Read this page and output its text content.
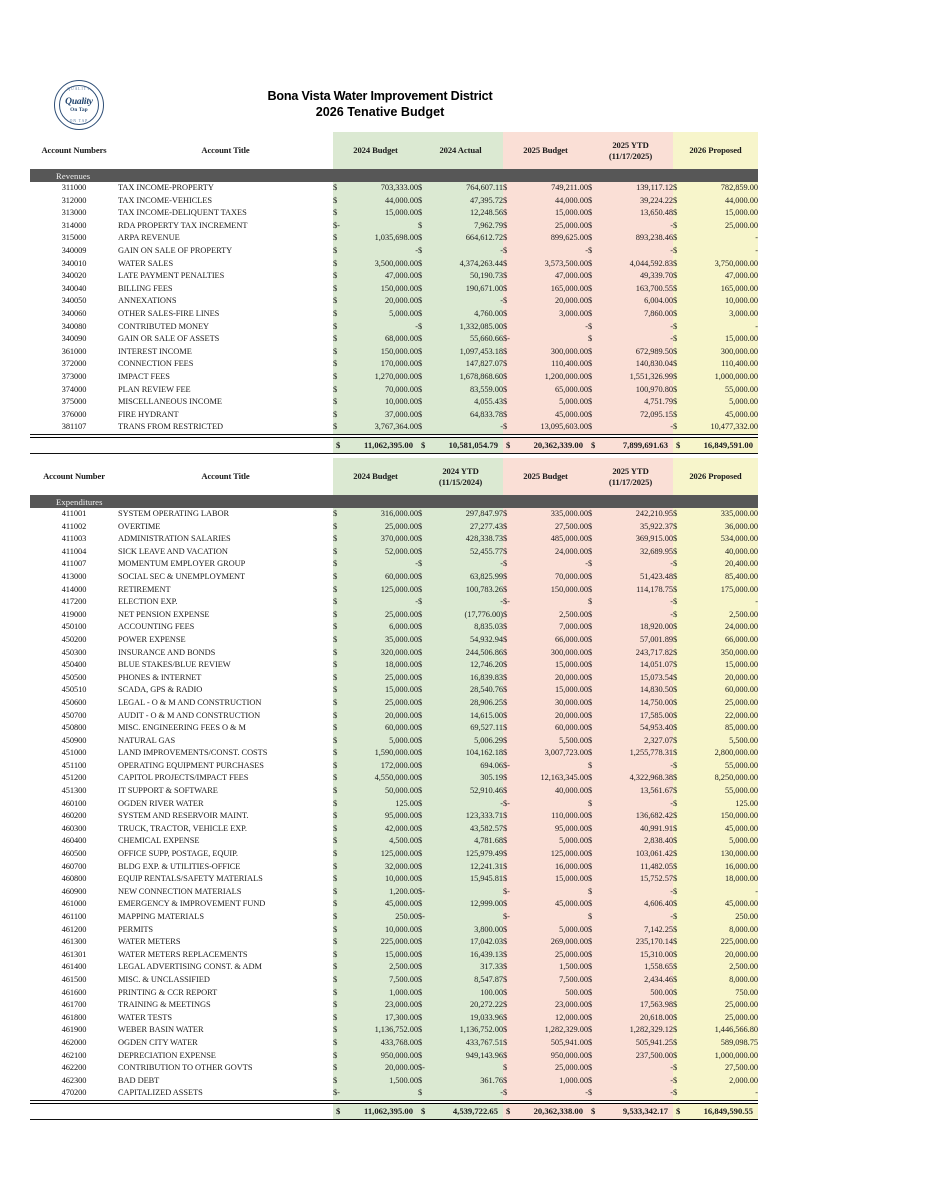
QUALITY
Quality
On Tap
ON TAP
Bona Vista Water Improvement District
2026 Tenative Budget
Account Numbers	Account Title	2024 Budget		2024 Actual		2025 Budget		2025 YTD
(11/17/2025)		2026 Proposed	
Revenues											
311000	TAX INCOME-PROPERTY	$	703,333.00	$	764,607.11	$	749,211.00	$	139,117.12	$	782,859.00
312000	TAX INCOME-VEHICLES	$	44,000.00	$	47,395.72	$	44,000.00	$	39,224.22	$	44,000.00
313000	TAX INCOME-DELIQUENT TAXES	$	15,000.00	$	12,248.56	$	15,000.00	$	13,650.48	$	15,000.00
314000	RDA PROPERTY TAX INCREMENT	$-		$	7,962.79	$	25,000.00	$	-	$	25,000.00
315000	ARPA REVENUE	$	1,035,698.00	$	664,612.72	$	899,625.00	$	893,238.46	$	-
340009	GAIN ON SALE OF PROPERTY	$	-	$	-	$	-	$	-	$	-
340010	WATER SALES	$	3,500,000.00	$	4,374,263.44	$	3,573,500.00	$	4,044,592.83	$	3,750,000.00
340020	LATE PAYMENT PENALTIES	$	47,000.00	$	50,190.73	$	47,000.00	$	49,339.70	$	47,000.00
340040	BILLING FEES	$	150,000.00	$	190,671.00	$	165,000.00	$	163,700.55	$	165,000.00
340050	ANNEXATIONS	$	20,000.00	$	-	$	20,000.00	$	6,004.00	$	10,000.00
340060	OTHER SALES-FIRE LINES	$	5,000.00	$	4,760.00	$	3,000.00	$	7,860.00	$	3,000.00
340080	CONTRIBUTED MONEY	$	-	$	1,332,085.00	$	-	$	-	$	-
340090	GAIN OR SALE OF ASSETS	$	68,000.00	$	55,660.66	$-		$	-	$	15,000.00
361000	INTEREST INCOME	$	150,000.00	$	1,097,453.18	$	300,000.00	$	672,989.50	$	300,000.00
372000	CONNECTION FEES	$	170,000.00	$	147,827.07	$	110,400.00	$	140,830.04	$	110,400.00
373000	IMPACT FEES	$	1,270,000.00	$	1,678,868.60	$	1,200,000.00	$	1,551,326.99	$	1,000,000.00
374000	PLAN REVIEW FEE	$	70,000.00	$	83,559.00	$	65,000.00	$	100,970.80	$	55,000.00
375000	MISCELLANEOUS INCOME	$	10,000.00	$	4,055.43	$	5,000.00	$	4,751.79	$	5,000.00
376000	FIRE HYDRANT	$	37,000.00	$	64,833.78	$	45,000.00	$	72,095.15	$	45,000.00
381107	TRANS FROM RESTRICTED	$	3,767,364.00	$	-	$	13,095,603.00	$	-	$	10,477,332.00

		$	11,062,395.00	$	10,581,054.79	$	20,362,339.00	$	7,899,691.63	$	16,849,591.00

Account Number	Account Title	2024 Budget	
2024 YTD
(11/15/2024)
	2025 Budget	
2025 YTD
(11/17/2025)
	2026 Proposed
Expenditures											
411001	SYSTEM OPERATING LABOR	$	316,000.00	$	297,847.97	$	335,000.00	$	242,210.95	$	335,000.00
411002	OVERTIME	$	25,000.00	$	27,277.43	$	27,500.00	$	35,922.37	$	36,000.00
411003	ADMINISTRATION SALARIES	$	370,000.00	$	428,338.73	$	485,000.00	$	369,915.00	$	534,000.00
411004	SICK LEAVE AND VACATION	$	52,000.00	$	52,455.77	$	24,000.00	$	32,689.95	$	40,000.00
411007	MOMENTUM EMPLOYER GROUP	$	-	$	-	$	-	$	-	$	20,400.00
413000	SOCIAL SEC & UNEMPLOYMENT	$	60,000.00	$	63,825.99	$	70,000.00	$	51,423.48	$	85,400.00
414000	RETIREMENT	$	125,000.00	$	100,783.26	$	150,000.00	$	114,178.75	$	175,000.00
417200	ELECTION EXP.	$	-	$	-	$-		$	-	$	-
419000	NET PENSION EXPENSE	$	25,000.00	$	(17,776.00)	$	2,500.00	$	-	$	2,500.00
450100	ACCOUNTING FEES	$	6,000.00	$	8,835.03	$	7,000.00	$	18,920.00	$	24,000.00
450200	POWER EXPENSE	$	35,000.00	$	54,932.94	$	66,000.00	$	57,001.89	$	66,000.00
450300	INSURANCE AND BONDS	$	320,000.00	$	244,506.86	$	300,000.00	$	243,717.82	$	350,000.00
450400	BLUE STAKES/BLUE REVIEW	$	18,000.00	$	12,746.20	$	15,000.00	$	14,051.07	$	15,000.00
450500	PHONES & INTERNET	$	25,000.00	$	16,839.83	$	20,000.00	$	15,073.54	$	20,000.00
450510	SCADA, GPS & RADIO	$	15,000.00	$	28,540.76	$	15,000.00	$	14,830.50	$	60,000.00
450600	LEGAL - O & M AND CONSTRUCTION	$	25,000.00	$	28,906.25	$	30,000.00	$	14,750.00	$	25,000.00
450700	AUDIT - O & M AND CONSTRUCTION	$	20,000.00	$	14,615.00	$	20,000.00	$	17,585.00	$	22,000.00
450800	MISC. ENGINEERING FEES O & M	$	60,000.00	$	69,527.11	$	60,000.00	$	54,953.40	$	85,000.00
450900	NATURAL GAS	$	5,000.00	$	5,006.29	$	5,500.00	$	2,327.07	$	5,500.00
451000	LAND IMPROVEMENTS/CONST. COSTS	$	1,590,000.00	$	104,162.18	$	3,007,723.00	$	1,255,778.31	$	2,800,000.00
451100	OPERATING EQUIPMENT PURCHASES	$	172,000.00	$	694.06	$-		$	-	$	55,000.00
451200	CAPITOL PROJECTS/IMPACT FEES	$	4,550,000.00	$	305.19	$	12,163,345.00	$	4,322,968.38	$	8,250,000.00
451300	IT SUPPORT & SOFTWARE	$	50,000.00	$	52,910.46	$	40,000.00	$	13,561.67	$	55,000.00
460100	OGDEN RIVER WATER	$	125.00	$	-	$-		$	-	$	125.00
460200	SYSTEM AND RESERVOIR MAINT.	$	95,000.00	$	123,333.71	$	110,000.00	$	136,682.42	$	150,000.00
460300	TRUCK, TRACTOR, VEHICLE EXP.	$	42,000.00	$	43,582.57	$	95,000.00	$	40,991.91	$	45,000.00
460400	CHEMICAL EXPENSE	$	4,500.00	$	4,781.68	$	5,000.00	$	2,838.40	$	5,000.00
460500	OFFICE SUPP, POSTAGE, EQUIP.	$	125,000.00	$	125,979.49	$	125,000.00	$	103,061.42	$	130,000.00
460700	BLDG EXP. & UTILITIES-OFFICE	$	32,000.00	$	12,241.31	$	16,000.00	$	11,482.05	$	16,000.00
460800	EQUIP RENTALS/SAFETY MATERIALS	$	10,000.00	$	15,945.81	$	15,000.00	$	15,752.57	$	18,000.00
460900	NEW CONNECTION MATERIALS	$	1,200.00	$-		$-		$	-	$	-
461000	EMERGENCY & IMPROVEMENT FUND	$	45,000.00	$	12,999.00	$	45,000.00	$	4,606.40	$	45,000.00
461100	MAPPING MATERIALS	$	250.00	$-		$-		$	-	$	250.00
461200	PERMITS	$	10,000.00	$	3,800.00	$	5,000.00	$	7,142.25	$	8,000.00
461300	WATER METERS	$	225,000.00	$	17,042.03	$	269,000.00	$	235,170.14	$	225,000.00
461301	WATER METERS REPLACEMENTS	$	15,000.00	$	16,439.13	$	25,000.00	$	15,310.00	$	20,000.00
461400	LEGAL ADVERTISING CONST. & ADM	$	2,500.00	$	317.33	$	1,500.00	$	1,558.65	$	2,500.00
461500	MISC. & UNCLASSIFIED	$	7,500.00	$	8,547.87	$	7,500.00	$	2,434.46	$	8,000.00
461600	PRINTING & CCR REPORT	$	1,000.00	$	100.00	$	500.00	$	500.00	$	750.00
461700	TRAINING & MEETINGS	$	23,000.00	$	20,272.22	$	23,000.00	$	17,563.98	$	25,000.00
461800	WATER TESTS	$	17,300.00	$	19,033.96	$	12,000.00	$	20,618.00	$	25,000.00
461900	WEBER BASIN WATER	$	1,136,752.00	$	1,136,752.00	$	1,282,329.00	$	1,282,329.12	$	1,446,566.80
462000	OGDEN CITY WATER	$	433,768.00	$	433,767.51	$	505,941.00	$	505,941.25	$	589,098.75
462100	DEPRECIATION EXPENSE	$	950,000.00	$	949,143.96	$	950,000.00	$	237,500.00	$	1,000,000.00
462200	CONTRIBUTION TO OTHER GOVTS	$	20,000.00	$-		$	25,000.00	$	-	$	27,500.00
462300	BAD DEBT	$	1,500.00	$	361.76	$	1,000.00	$	-	$	2,000.00
470200	CAPITALIZED ASSETS	$-		$	-	$	-	$	-	$	-

		$	11,062,395.00	$	4,539,722.65	$	20,362,338.00	$	9,533,342.17	$	16,849,590.55
